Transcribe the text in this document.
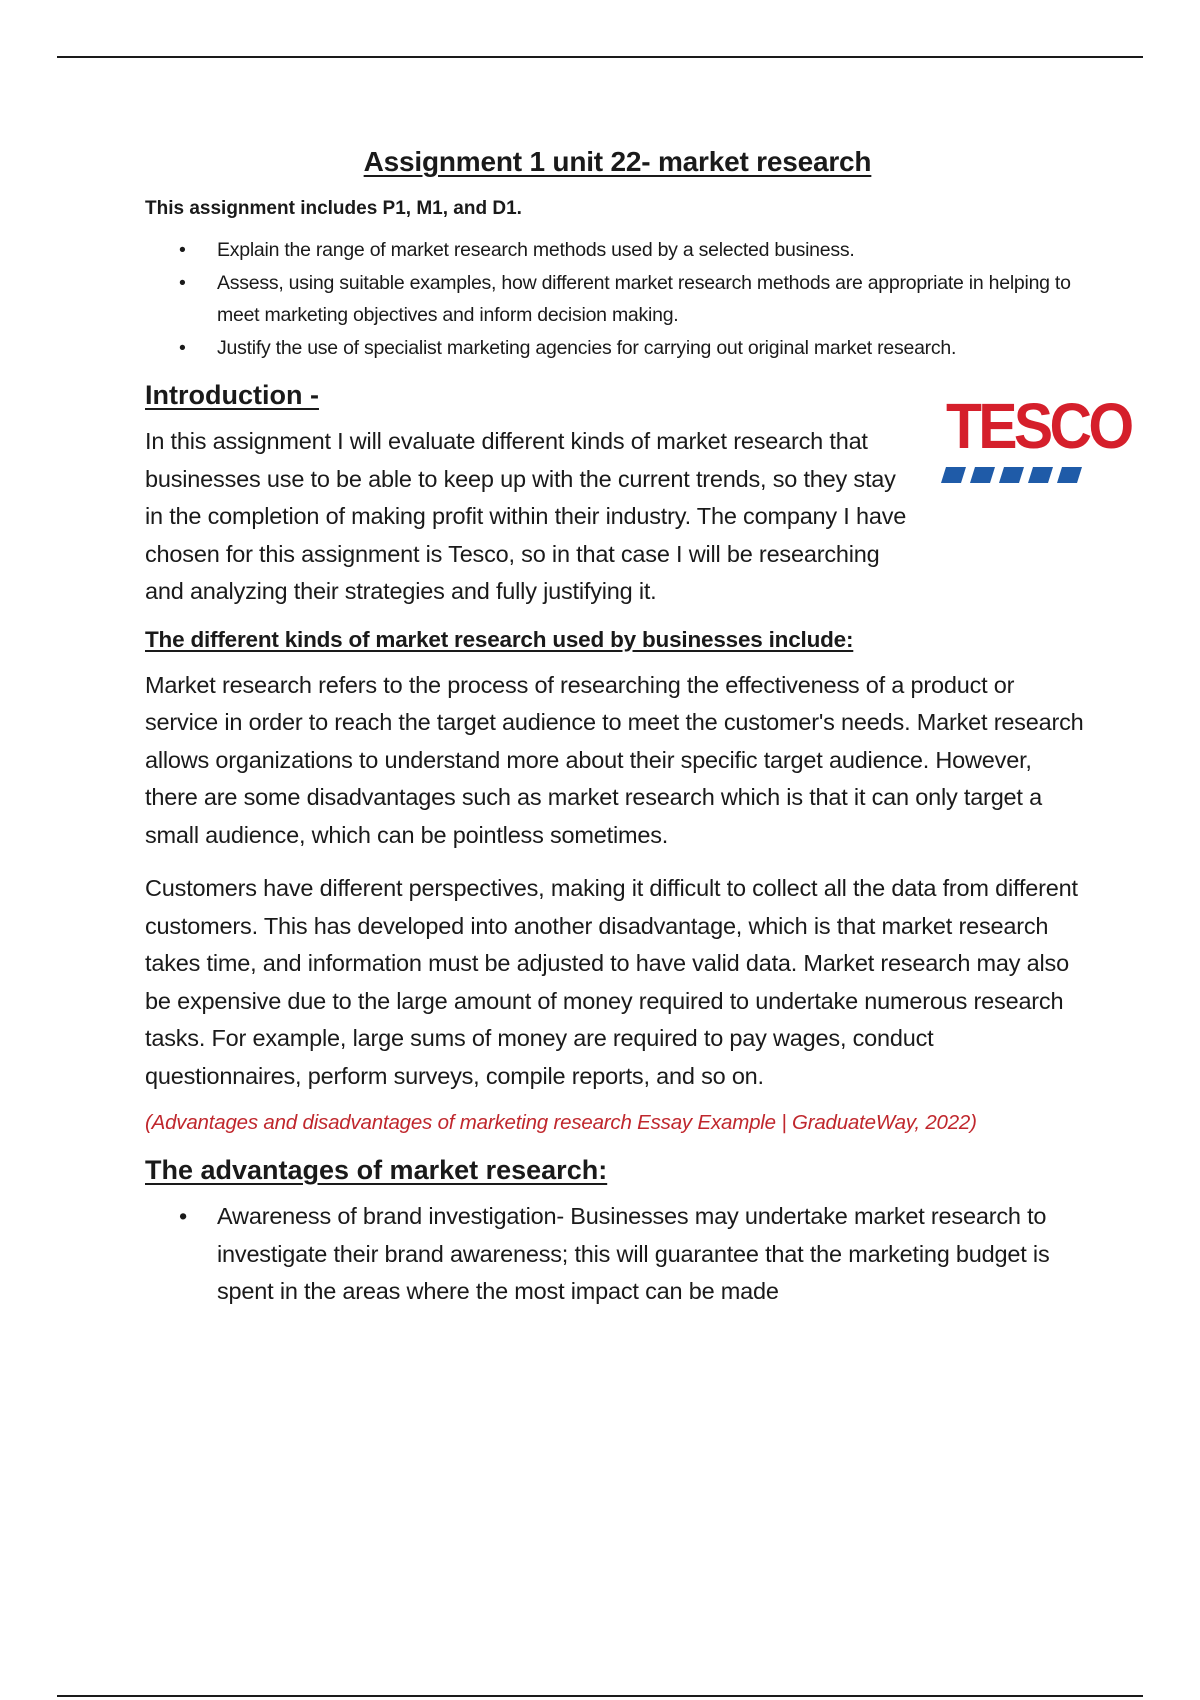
Assignment 1 unit 22- market research
This assignment includes P1, M1, and D1.
• Explain the range of market research methods used by a selected business.
• Assess, using suitable examples, how different market research methods are appropriate in helping to meet marketing objectives and inform decision making.
• Justify the use of specialist marketing agencies for carrying out original market research.
Introduction -

In this assignment I will evaluate different kinds of market research that businesses use to be able to keep up with the current trends, so they stay in the completion of making profit within their industry. The company I have chosen for this assignment is Tesco, so in that case I will be researching and analyzing their strategies and fully justifying it.

The different kinds of market research used by businesses include:

Market research refers to the process of researching the effectiveness of a product or service in order to reach the target audience to meet the customer's needs. Market research allows organizations to understand more about their specific target audience. However, there are some disadvantages such as market research which is that it can only target a small audience, which can be pointless sometimes.

Customers have different perspectives, making it difficult to collect all the data from different customers. This has developed into another disadvantage, which is that market research takes time, and information must be adjusted to have valid data. Market research may also be expensive due to the large amount of money required to undertake numerous research tasks. For example, large sums of money are required to pay wages, conduct questionnaires, perform surveys, compile reports, and so on.

(Advantages and disadvantages of marketing research Essay Example | GraduateWay, 2022)

The advantages of market research:
• Awareness of brand investigation- Businesses may undertake market research to investigate their brand awareness; this will guarantee that the marketing budget is spent in the areas where the most impact can be made
TESCO
